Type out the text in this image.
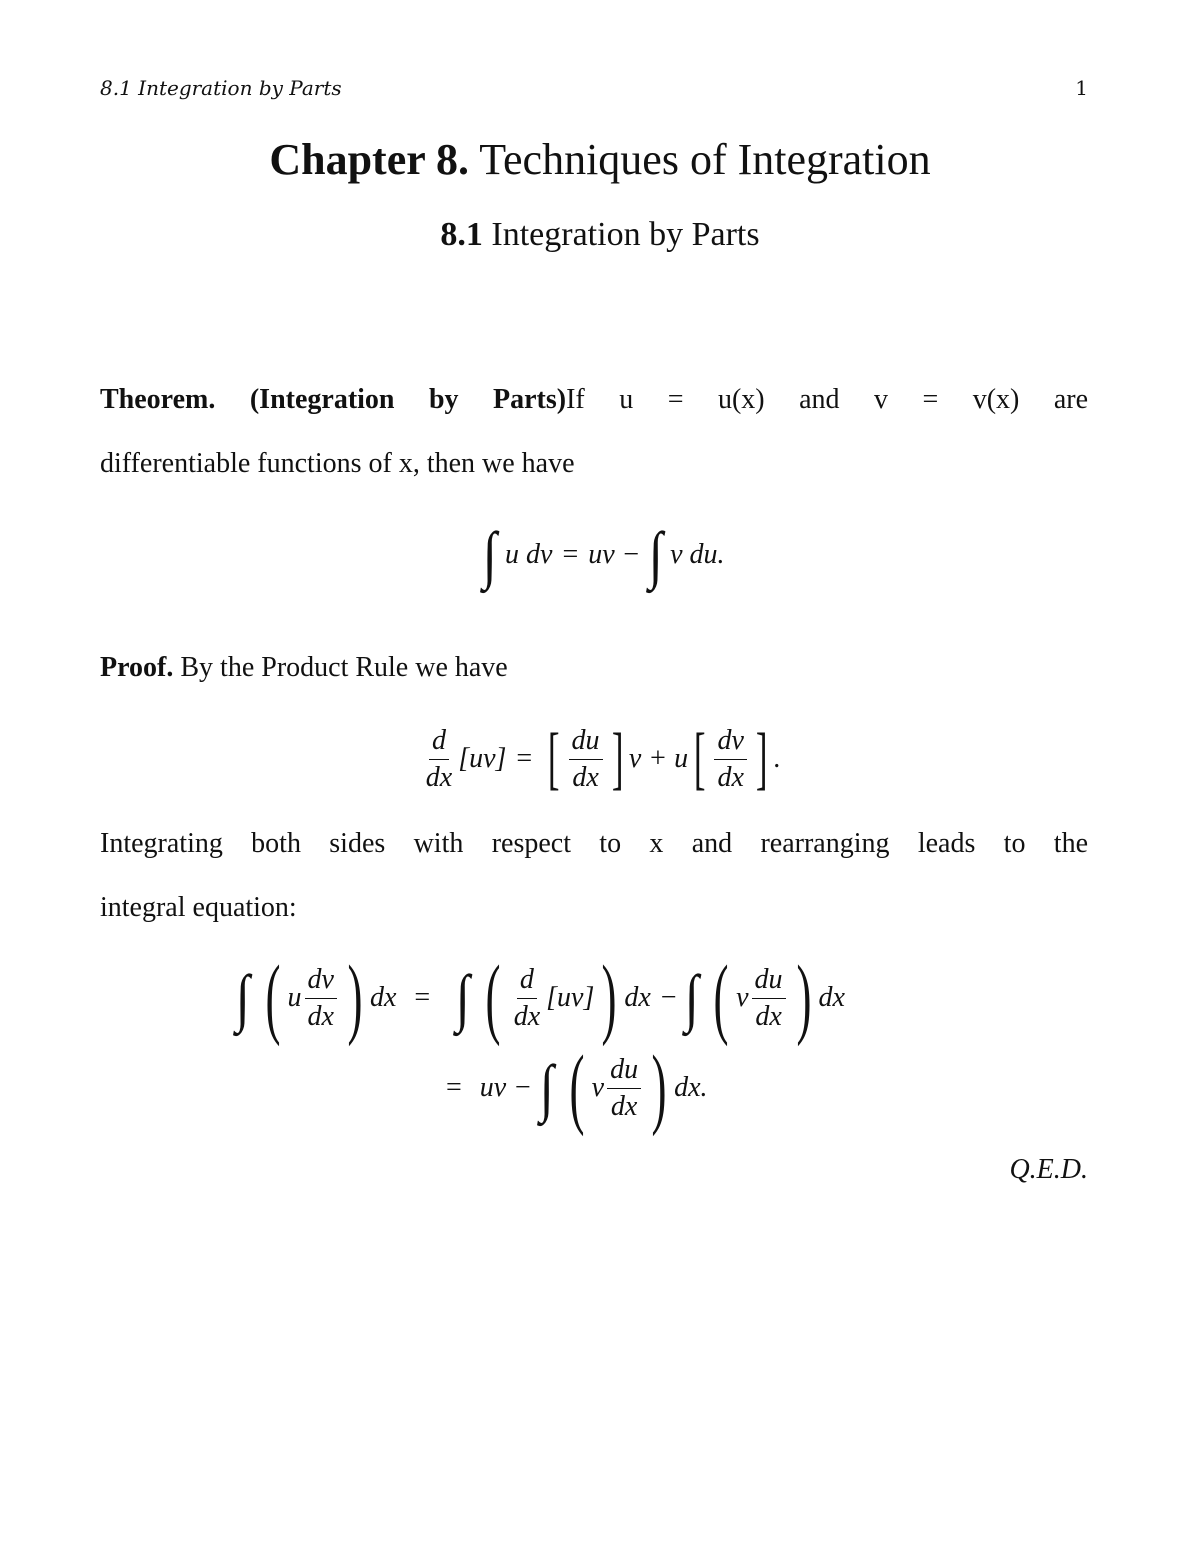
8.1 Integration by Parts	1
Chapter 8. Techniques of Integration
8.1 Integration by Parts
Theorem. (Integration by Parts)If u = u(x) and v = v(x) are
differentiable functions of x, then we have
∫ u dv = uv − ∫ v du.
Proof. By the Product Rule we have
$\frac{d}{dx} [uv]$ = [ $\frac{du}{dx}$ ] v + u [ $\frac{dv}{dx}$ ] .
Integrating both sides with respect to x and rearranging leads to the
integral equation:
∫ ( u $\frac{dv}{dx}$ ) dx = ∫ ( $\frac{d}{dx} [uv]$ ) dx − ∫ ( v $\frac{du}{dx}$ ) dx
= uv − ∫ ( v $\frac{du}{dx}$ ) dx.
Q.E.D.
